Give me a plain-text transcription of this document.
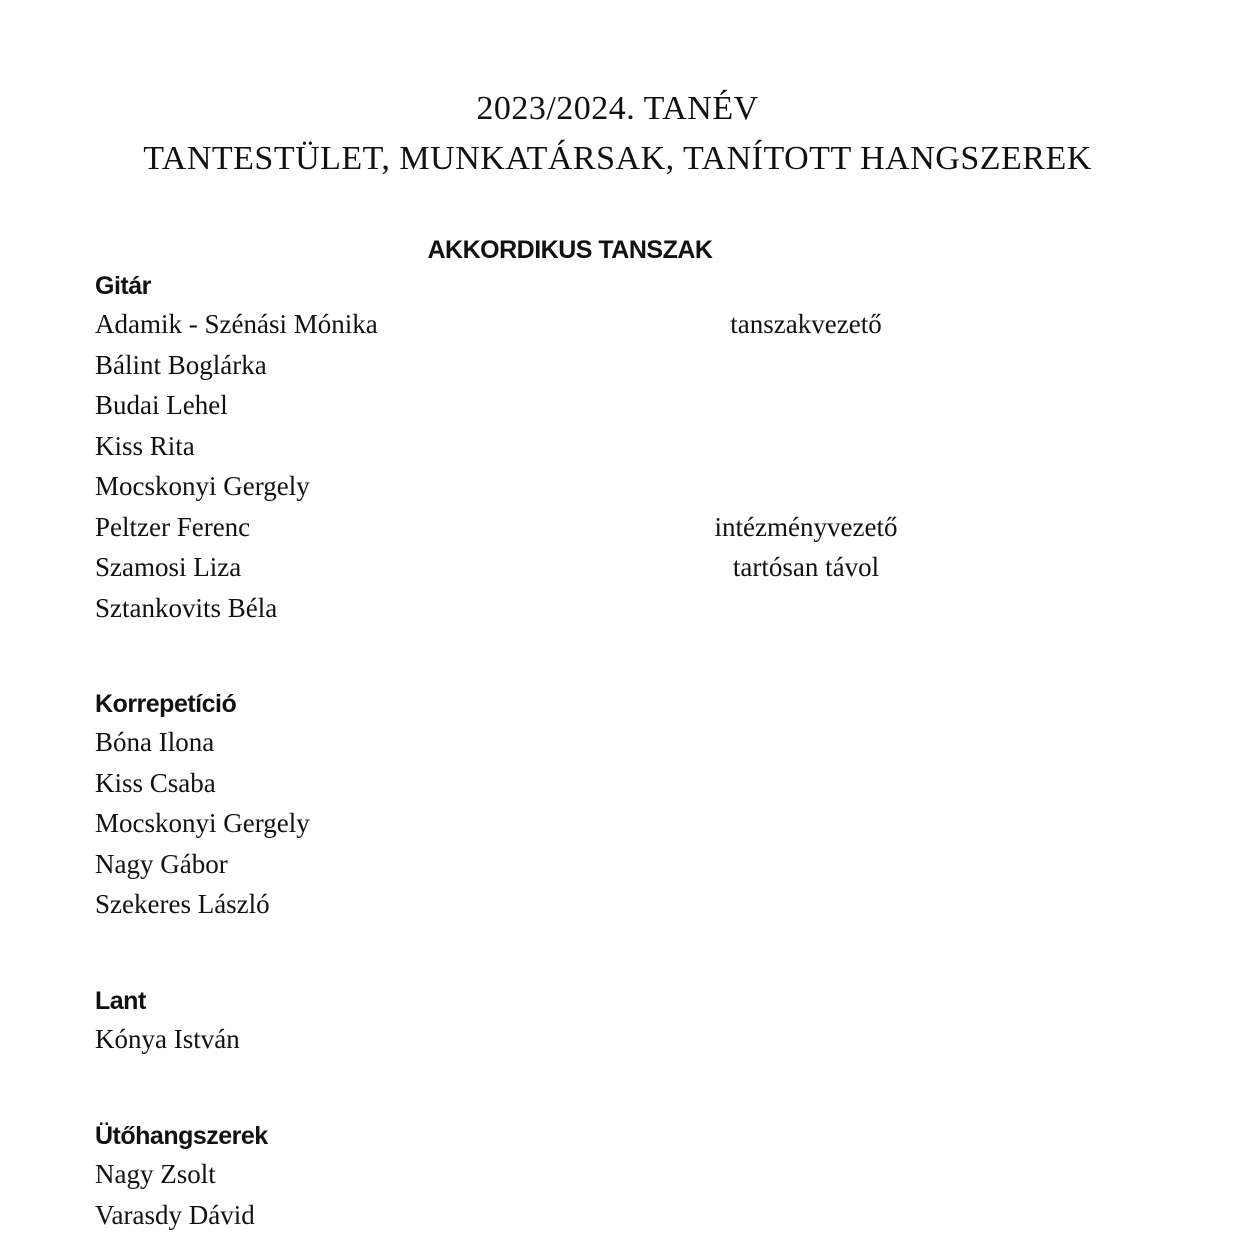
2023/2024. TANÉV

TANTESTÜLET, MUNKATÁRSAK, TANÍTOTT HANGSZEREK

AKKORDIKUS TANSZAK
Gitár
Adamik - Szénási Mónika	tanszakvezető
Bálint Boglárka
Budai Lehel
Kiss Rita
Mocskonyi Gergely
Peltzer Ferenc	intézményvezető
Szamosi Liza	tartósan távol
Sztankovits Béla
Korrepetíció
Bóna Ilona
Kiss Csaba
Mocskonyi Gergely
Nagy Gábor
Szekeres László
Lant
Kónya István
Ütőhangszerek
Nagy Zsolt
Varasdy Dávid
